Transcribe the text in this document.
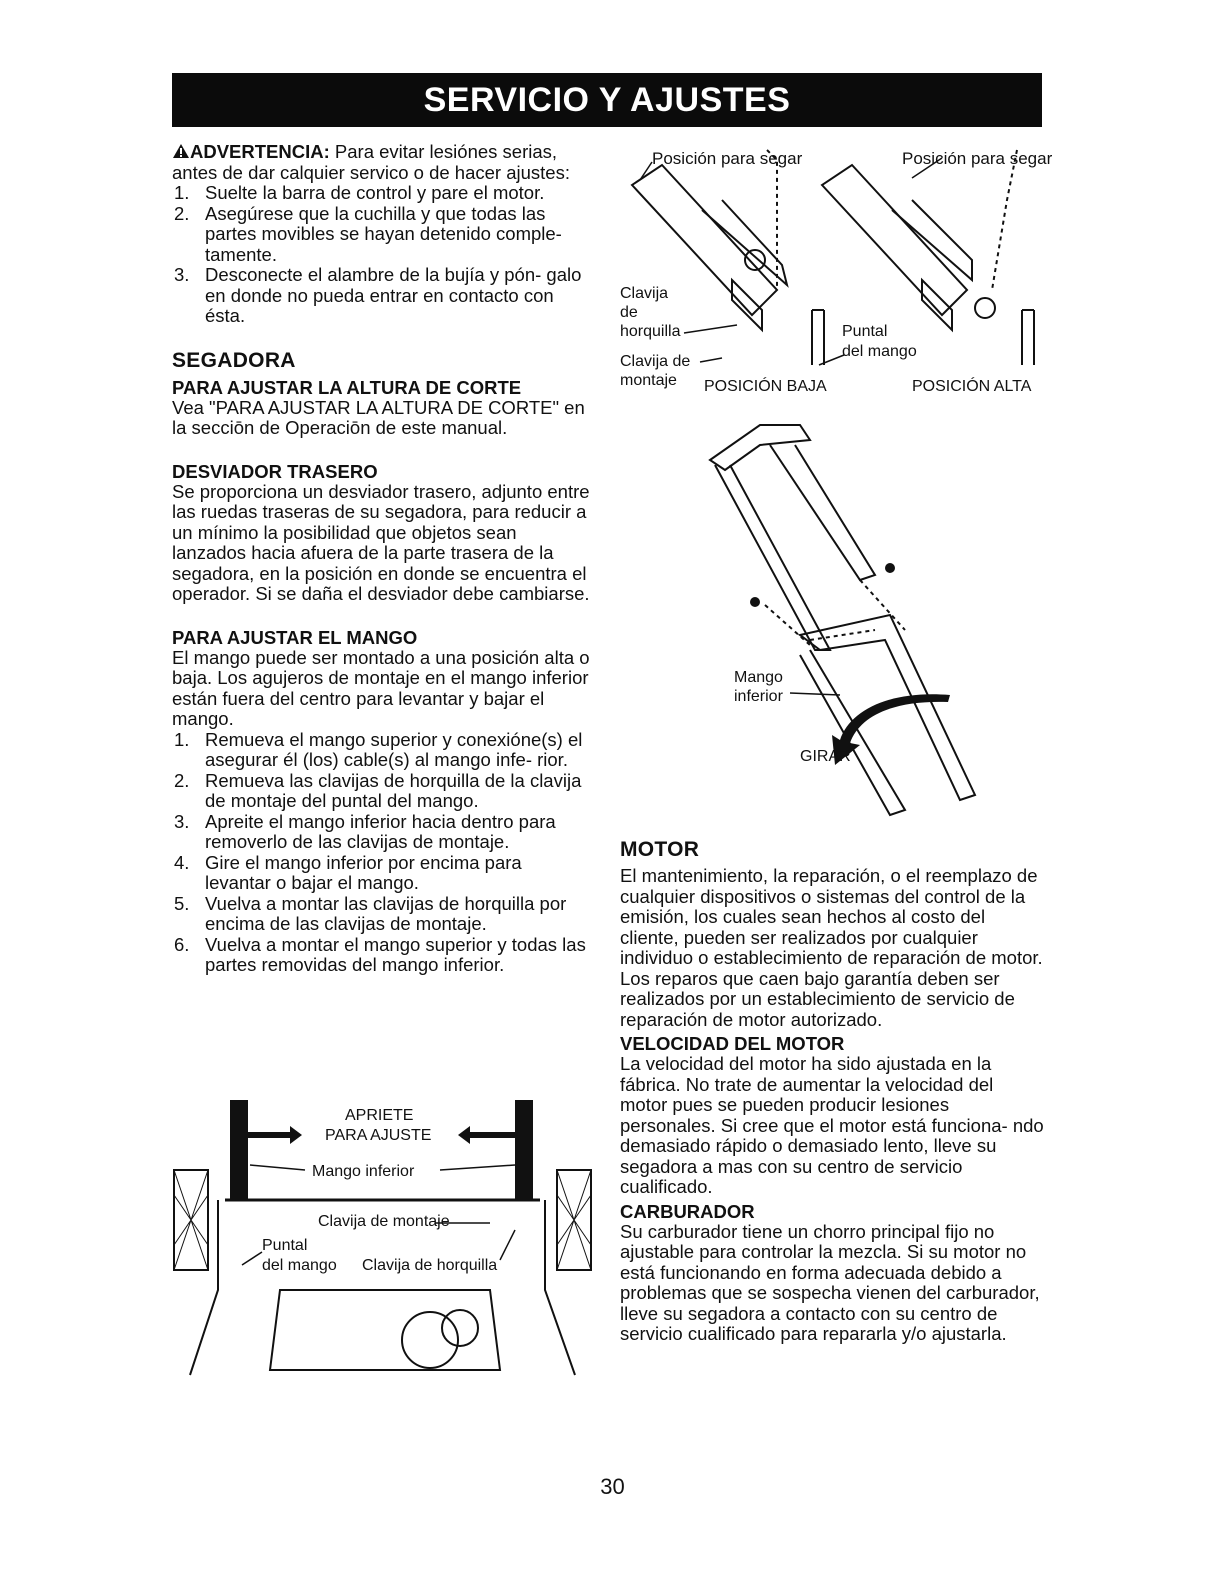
SERVICIO Y AJUSTES

ADVERTENCIA: Para evitar lesiónes serias, antes de dar calquier servico o de hacer ajustes:

1. Suelte la barra de control y pare el motor.
2. Asegúrese que la cuchilla y que todas las partes movibles se hayan detenido comple- tamente.
3. Desconecte el alambre de la bujía y pón- galo en donde no pueda entrar en contacto con ésta.
SEGADORA
PARA AJUSTAR LA ALTURA DE CORTE

Vea "PARA AJUSTAR LA ALTURA DE CORTE" en la secciōn de Operaciōn de este manual.

DESVIADOR TRASERO

Se proporciona un desviador trasero, adjunto entre las ruedas traseras de su segadora, para reducir a un mínimo la posibilidad que objetos sean lanzados hacia afuera de la parte trasera de la segadora, en la posición en donde se encuentra el operador. Si se daña el desviador debe cambiarse.

PARA AJUSTAR EL MANGO

El mango puede ser montado a una posición alta o baja. Los agujeros de montaje en el mango inferior están fuera del centro para levantar y bajar el mango.

1. Remueva el mango superior y conexióne(s) el asegurar él (los) cable(s) al mango infe- rior.
2. Remueva las clavijas de horquilla de la clavija de montaje del puntal del mango.
3. Apreite el mango inferior hacia dentro para removerlo de las clavijas de montaje.
4. Gire el mango inferior por encima para levantar o bajar el mango.
5. Vuelva a montar las clavijas de horquilla por encima de las clavijas de montaje.
6. Vuelva a montar el mango superior y todas las partes removidas del mango inferior.
Posición para segar	Posición para segar
Clavija
de
horquilla
Clavija de
montaje
Puntal
del mango
POSICIÓN BAJA	POSICIÓN ALTA
Mango
inferior
GIRAR
APRIETE
PARA AJUSTE
Mango inferior
Clavija de montaje
Puntal
del mango Clavija de horquilla
MOTOR

El mantenimiento, la reparación, o el reemplazo de cualquier dispositivos o sistemas del control de la emisión, los cuales sean hechos al costo del cliente, pueden ser realizados por cualquier individuo o establecimiento de reparación de motor. Los reparos que caen bajo garantía deben ser realizados por un establecimiento de servicio de reparación de motor autorizado.

VELOCIDAD DEL MOTOR

La velocidad del motor ha sido ajustada en la fábrica. No trate de aumentar la velocidad del motor pues se pueden producir lesiones personales. Si cree que el motor está funciona- ndo demasiado rápido o demasiado lento, lleve su segadora a mas con su centro de servicio cualificado.

CARBURADOR

Su carburador tiene un chorro principal fijo no ajustable para controlar la mezcla. Si su motor no está funcionando en forma adecuada debido a problemas que se sospecha vienen del carburador, lleve su segadora a contacto con su centro de servicio cualificado para repararla y/o ajustarla.

30
